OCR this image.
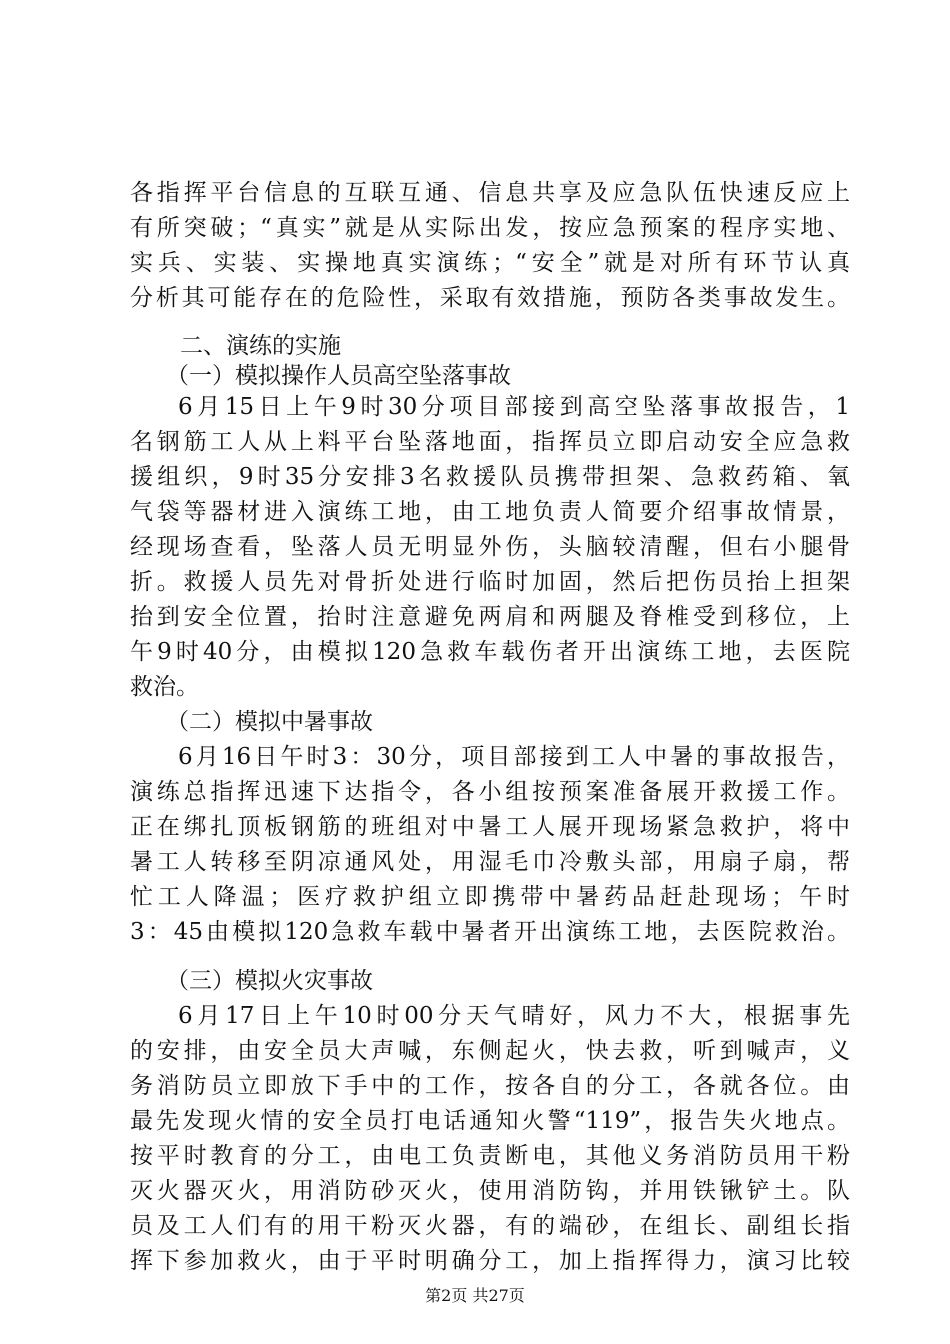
各指挥平台信息的互联互通、信息共享及应急队伍快速反应上
有所突破；“真实”就是从实际出发，按应急预案的程序实地、
实兵、实装、实操地真实演练；“安全”就是对所有环节认真
分析其可能存在的危险性，采取有效措施，预防各类事故发生。
二、演练的实施
（一）模拟操作人员高空坠落事故
6月15日上午9时30分项目部接到高空坠落事故报告，1
名钢筋工人从上料平台坠落地面，指挥员立即启动安全应急救
援组织，9时35分安排3名救援队员携带担架、急救药箱、氧
气袋等器材进入演练工地，由工地负责人简要介绍事故情景，
经现场查看，坠落人员无明显外伤，头脑较清醒，但右小腿骨
折。救援人员先对骨折处进行临时加固，然后把伤员抬上担架
抬到安全位置，抬时注意避免两肩和两腿及脊椎受到移位，上
午9时40分，由模拟120急救车载伤者开出演练工地，去医院
救治。
（二）模拟中暑事故
6月16日午时3：30分，项目部接到工人中暑的事故报告，
演练总指挥迅速下达指令，各小组按预案准备展开救援工作。
正在绑扎顶板钢筋的班组对中暑工人展开现场紧急救护，将中
暑工人转移至阴凉通风处，用湿毛巾冷敷头部，用扇子扇，帮
忙工人降温；医疗救护组立即携带中暑药品赶赴现场；午时
3：45由模拟120急救车载中暑者开出演练工地，去医院救治。
（三）模拟火灾事故
6月17日上午10时00分天气晴好，风力不大，根据事先
的安排，由安全员大声喊，东侧起火，快去救，听到喊声，义
务消防员立即放下手中的工作，按各自的分工，各就各位。由
最先发现火情的安全员打电话通知火警“119”，报告失火地点。
按平时教育的分工，由电工负责断电，其他义务消防员用干粉
灭火器灭火，用消防砂灭火，使用消防钩，并用铁锹铲土。队
员及工人们有的用干粉灭火器，有的端砂，在组长、副组长指
挥下参加救火，由于平时明确分工，加上指挥得力，演习比较
第2页 共27页
